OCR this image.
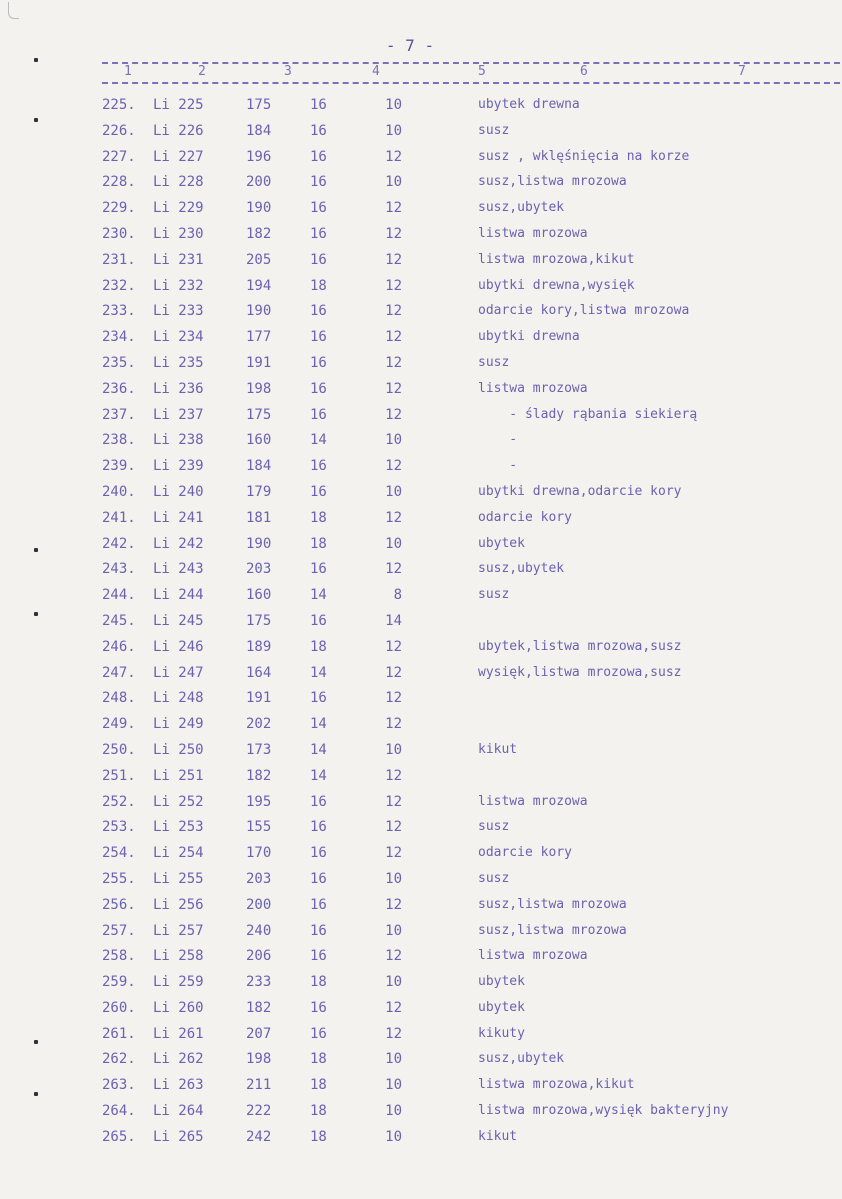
- 7 -
1	2	3	4	5	6	7
225.	Li 225	175	16	10	ubytek drewna
226.	Li 226	184	16	10	susz
227.	Li 227	196	16	12	susz , wklęśnięcia na korze
228.	Li 228	200	16	10	susz,listwa mrozowa
229.	Li 229	190	16	12	susz,ubytek
230.	Li 230	182	16	12	listwa mrozowa
231.	Li 231	205	16	12	listwa mrozowa,kikut
232.	Li 232	194	18	12	ubytki drewna,wysięk
233.	Li 233	190	16	12	odarcie kory,listwa mrozowa
234.	Li 234	177	16	12	ubytki drewna
235.	Li 235	191	16	12	susz
236.	Li 236	198	16	12	listwa mrozowa
237.	Li 237	175	16	12	- ślady rąbania siekierą
238.	Li 238	160	14	10	-
239.	Li 239	184	16	12	-
240.	Li 240	179	16	10	ubytki drewna,odarcie kory
241.	Li 241	181	18	12	odarcie kory
242.	Li 242	190	18	10	ubytek
243.	Li 243	203	16	12	susz,ubytek
244.	Li 244	160	14	8	susz
245.	Li 245	175	16	14
246.	Li 246	189	18	12	ubytek,listwa mrozowa,susz
247.	Li 247	164	14	12	wysięk,listwa mrozowa,susz
248.	Li 248	191	16	12
249.	Li 249	202	14	12
250.	Li 250	173	14	10	kikut
251.	Li 251	182	14	12
252.	Li 252	195	16	12	listwa mrozowa
253.	Li 253	155	16	12	susz
254.	Li 254	170	16	12	odarcie kory
255.	Li 255	203	16	10	susz
256.	Li 256	200	16	12	susz,listwa mrozowa
257.	Li 257	240	16	10	susz,listwa mrozowa
258.	Li 258	206	16	12	listwa mrozowa
259.	Li 259	233	18	10	ubytek
260.	Li 260	182	16	12	ubytek
261.	Li 261	207	16	12	kikuty
262.	Li 262	198	18	10	susz,ubytek
263.	Li 263	211	18	10	listwa mrozowa,kikut
264.	Li 264	222	18	10	listwa mrozowa,wysięk bakteryjny
265.	Li 265	242	18	10	kikut
